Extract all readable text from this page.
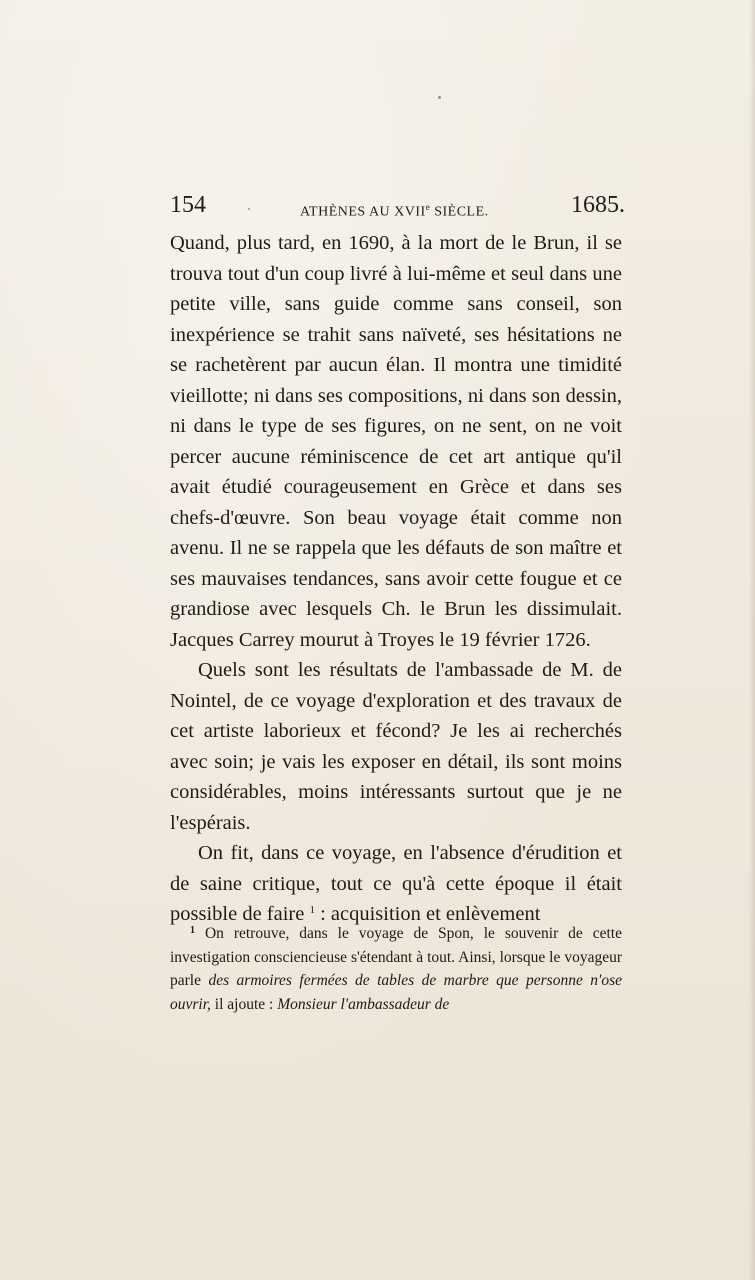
154	ATHÈNES AU XVIIe SIÈCLE.	1685.

Quand, plus tard, en 1690, à la mort de le Brun, il se trouva tout d'un coup livré à lui-même et seul dans une petite ville, sans guide comme sans conseil, son inexpérience se trahit sans naïveté, ses hésitations ne se rachetèrent par aucun élan. Il montra une timidité vieillotte; ni dans ses compositions, ni dans son dessin, ni dans le type de ses figures, on ne sent, on ne voit percer aucune réminiscence de cet art antique qu'il avait étudié courageusement en Grèce et dans ses chefs-d'œuvre. Son beau voyage était comme non avenu. Il ne se rappela que les défauts de son maître et ses mauvaises tendances, sans avoir cette fougue et ce grandiose avec lesquels Ch. le Brun les dissimulait. Jacques Carrey mourut à Troyes le 19 février 1726.

Quels sont les résultats de l'ambassade de M. de Nointel, de ce voyage d'exploration et des travaux de cet artiste laborieux et fécond? Je les ai recherchés avec soin; je vais les exposer en détail, ils sont moins considérables, moins intéressants surtout que je ne l'espérais.

On fit, dans ce voyage, en l'absence d'érudition et de saine critique, tout ce qu'à cette époque il était possible de faire $^1$ : acquisition et enlèvement

$^1$ On retrouve, dans le voyage de Spon, le souvenir de cette investigation consciencieuse s'étendant à tout. Ainsi, lorsque le voyageur parle des armoires fermées de tables de marbre que personne n'ose ouvrir, il ajoute : Monsieur l'ambassadeur de
